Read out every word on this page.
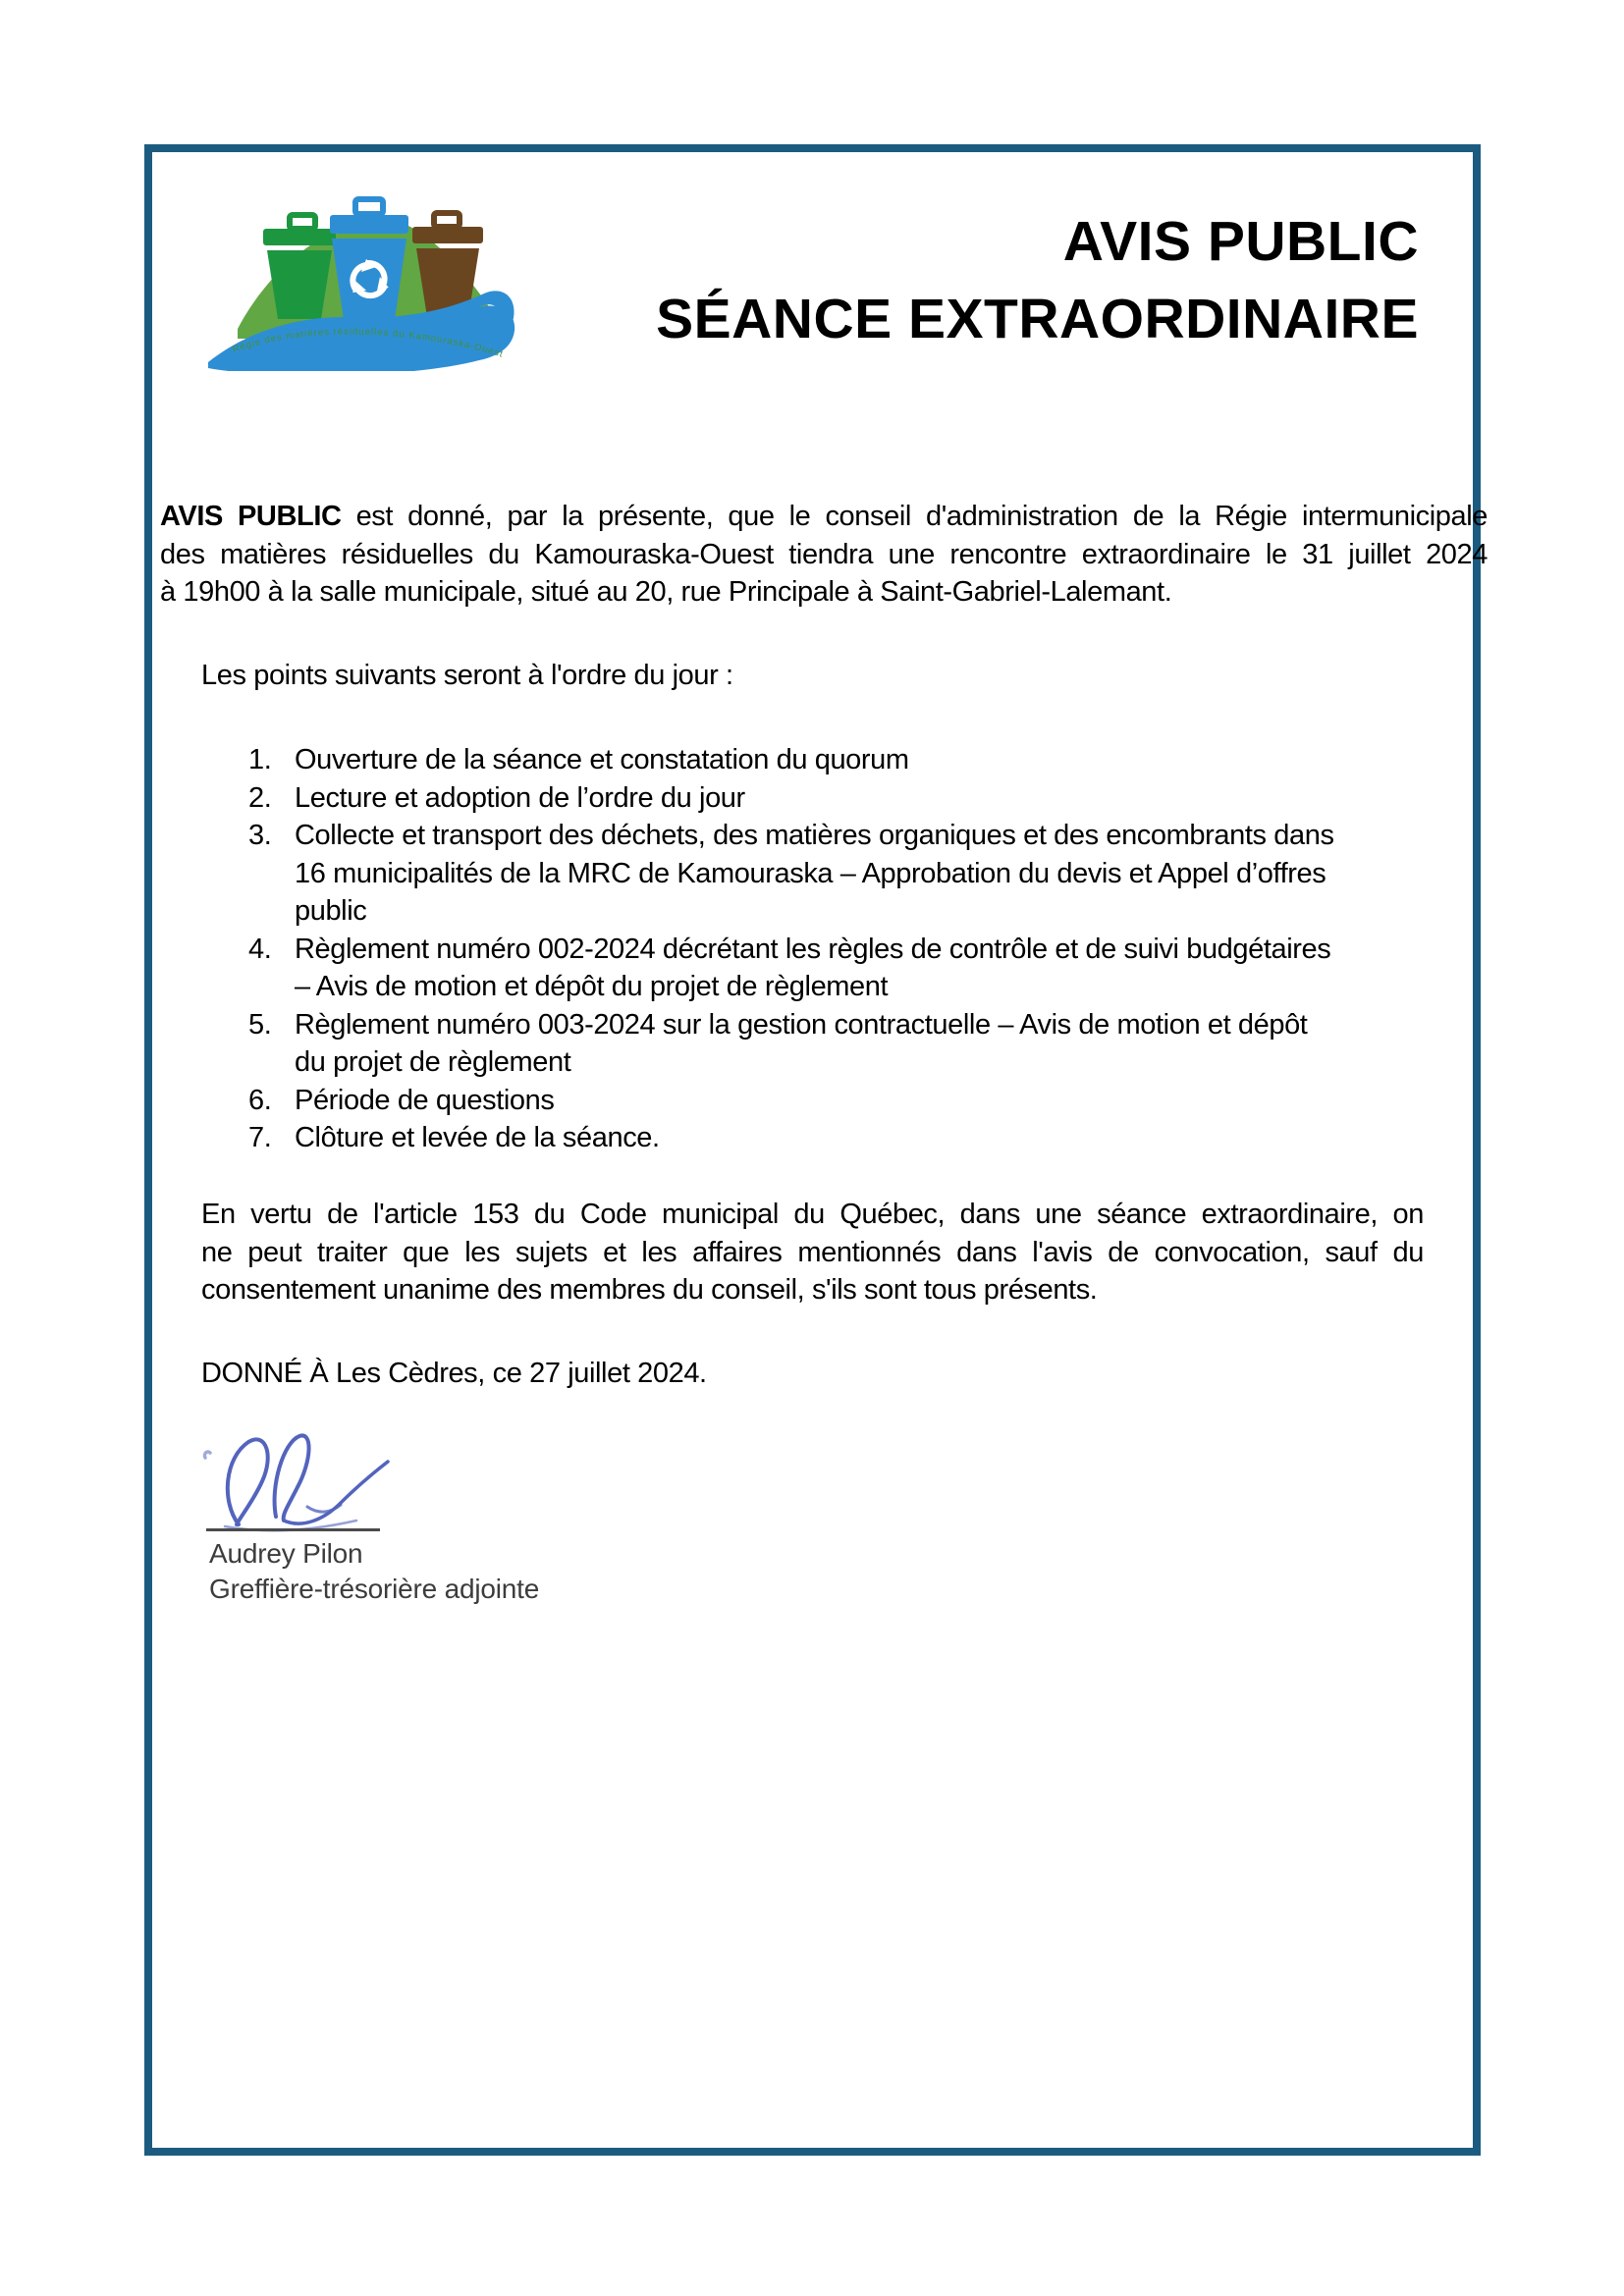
Régie des matières résiduelles du Kamouraska-Ouest
AVIS PUBLIC
SÉANCE EXTRAORDINAIRE
AVIS PUBLIC est donné, par la présente, que le conseil d'administration de la Régie intermunicipale
des matières résiduelles du Kamouraska-Ouest tiendra une rencontre extraordinaire le 31 juillet 2024
à 19h00 à la salle municipale, situé au 20, rue Principale à Saint-Gabriel-Lalemant.
Les points suivants seront à l'ordre du jour :
1. Ouverture de la séance et constatation du quorum
2. Lecture et adoption de l’ordre du jour
3. Collecte et transport des déchets, des matières organiques et des encombrants dans
16 municipalités de la MRC de Kamouraska – Approbation du devis et Appel d’offres
public
4. Règlement numéro 002-2024 décrétant les règles de contrôle et de suivi budgétaires
– Avis de motion et dépôt du projet de règlement
5. Règlement numéro 003-2024 sur la gestion contractuelle – Avis de motion et dépôt
du projet de règlement
6. Période de questions
7. Clôture et levée de la séance.
En vertu de l'article 153 du Code municipal du Québec, dans une séance extraordinaire, on
ne peut traiter que les sujets et les affaires mentionnés dans l'avis de convocation, sauf du
consentement unanime des membres du conseil, s'ils sont tous présents.
DONNÉ À Les Cèdres, ce 27 juillet 2024.
Audrey Pilon
Greffière-trésorière adjointe
